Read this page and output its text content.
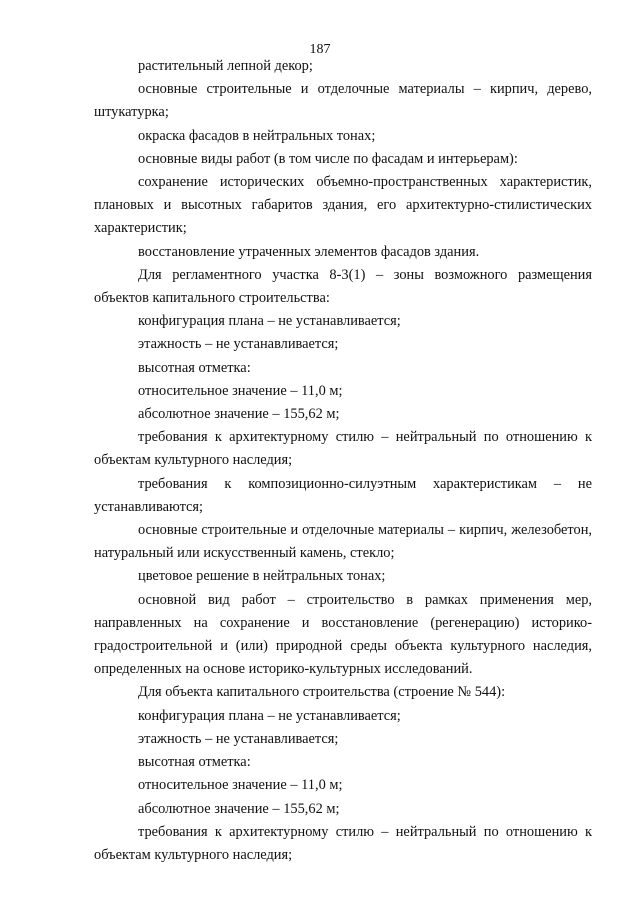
187

растительный лепной декор;

основные строительные и отделочные материалы – кирпич, дерево, штукатурка;

окраска фасадов в нейтральных тонах;

основные виды работ (в том числе по фасадам и интерьерам):

сохранение исторических объемно-пространственных характеристик, плановых и высотных габаритов здания, его архитектурно-стилистических характеристик;

восстановление утраченных элементов фасадов здания.

Для регламентного участка 8-3(1) – зоны возможного размещения объектов капитального строительства:

конфигурация плана – не устанавливается;

этажность – не устанавливается;

высотная отметка:

относительное значение – 11,0 м;

абсолютное значение – 155,62 м;

требования к архитектурному стилю – нейтральный по отношению к объектам культурного наследия;

требования к композиционно-силуэтным характеристикам – не устанавливаются;

основные строительные и отделочные материалы – кирпич, железобетон, натуральный или искусственный камень, стекло;

цветовое решение в нейтральных тонах;

основной вид работ – строительство в рамках применения мер, направленных на сохранение и восстановление (регенерацию) историко-градостроительной и (или) природной среды объекта культурного наследия, определенных на основе историко-культурных исследований.

Для объекта капитального строительства (строение № 544):

конфигурация плана – не устанавливается;

этажность – не устанавливается;

высотная отметка:

относительное значение – 11,0 м;

абсолютное значение – 155,62 м;

требования к архитектурному стилю – нейтральный по отношению к объектам культурного наследия;
